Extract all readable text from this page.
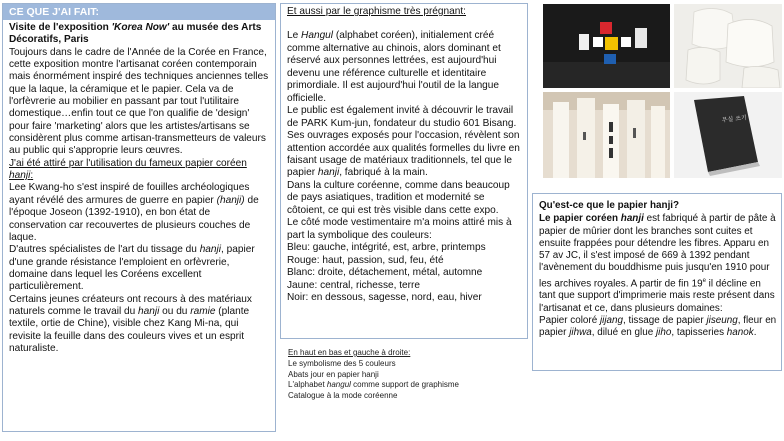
CE QUE J'AI FAIT:

Visite de l'exposition 'Korea Now' au musée des Arts Décoratifs, Paris

Toujours dans le cadre de l'Année de la Corée en France, cette exposition montre l'artisanat coréen contemporain mais énormément inspiré des techniques anciennes telles que la laque, la céramique et le papier. Cela va de l'orfèvrerie au mobilier en passant par tout l'utilitaire domestique…enfin tout ce que l'on qualifie de 'design' pour faire 'marketing' alors que les artistes/artisans se considèrent plus comme artisan-transmetteurs de valeurs au public qui s'approprie leurs œuvres.

J'ai été attiré par l'utilisation du fameux papier coréen hanji:

Lee Kwang-ho s'est inspiré de fouilles archéologiques ayant révélé des armures de guerre en papier (hanji) de l'époque Joseon (1392-1910), en bon état de conservation car recouvertes de plusieurs couches de laque.

D'autres spécialistes de l'art du tissage du hanji, papier d'une grande résistance l'emploient en orfèvrerie, domaine dans lequel les Coréens excellent particulièrement.

Certains jeunes créateurs ont recours à des matériaux naturels comme le travail du hanji ou du ramie (plante textile, ortie de Chine), visible chez Kang Mi-na, qui revisite la feuille dans des couleurs vives et un esprit naturaliste.

Et aussi par le graphisme très prégnant:

Le Hangul (alphabet coréen), initialement créé comme alternative au chinois, alors dominant et réservé aux personnes lettrées, est aujourd'hui devenu une référence culturelle et identitaire primordiale. Il est aujourd'hui l'outil de la langue officielle.

Le public est également invité à découvrir le travail de PARK Kum-jun, fondateur du studio 601 Bisang. Ses ouvrages exposés pour l'occasion, révèlent son attention accordée aux qualités formelles du livre en faisant usage de matériaux traditionnels, tel que le papier hanji, fabriqué à la main.

Dans la culture coréenne, comme dans beaucoup de pays asiatiques, tradition et modernité se côtoient, ce qui est très visible dans cette expo.

Le côté mode vestimentaire m'a moins attiré mis à part la symbolique des couleurs:

Bleu: gauche, intégrité, est, arbre, printemps

Rouge: haut, passion, sud, feu, été

Blanc: droite, détachement, métal, automne

Jaune: central, richesse, terre

Noir: en dessous, sagesse, nord, eau, hiver

En haut en bas et gauche à droite:

Le symbolisme des 5 couleurs

Abats jour en papier hanji

L'alphabet hangul comme support de graphisme

Catalogue à la mode coréenne

Qu'est-ce que le papier hanji?

Le papier coréen hanji est fabriqué à partir de pâte à papier de mûrier dont les branches sont cuites et ensuite frappées pour détendre les fibres. Apparu en 57 av JC, il s'est imposé de 669 à 1392 pendant l'avènement du bouddhisme puis jusqu'en 1910 pour les archives royales. A partir de fin 19e il décline en tant que support d'imprimerie mais reste présent dans l'artisanat et ce, dans plusieurs domaines:

Papier coloré jijang, tissage de papier jiseung, fleur en papier jihwa, dilué en glue jiho, tapisseries hanok.

무실 쓰기
